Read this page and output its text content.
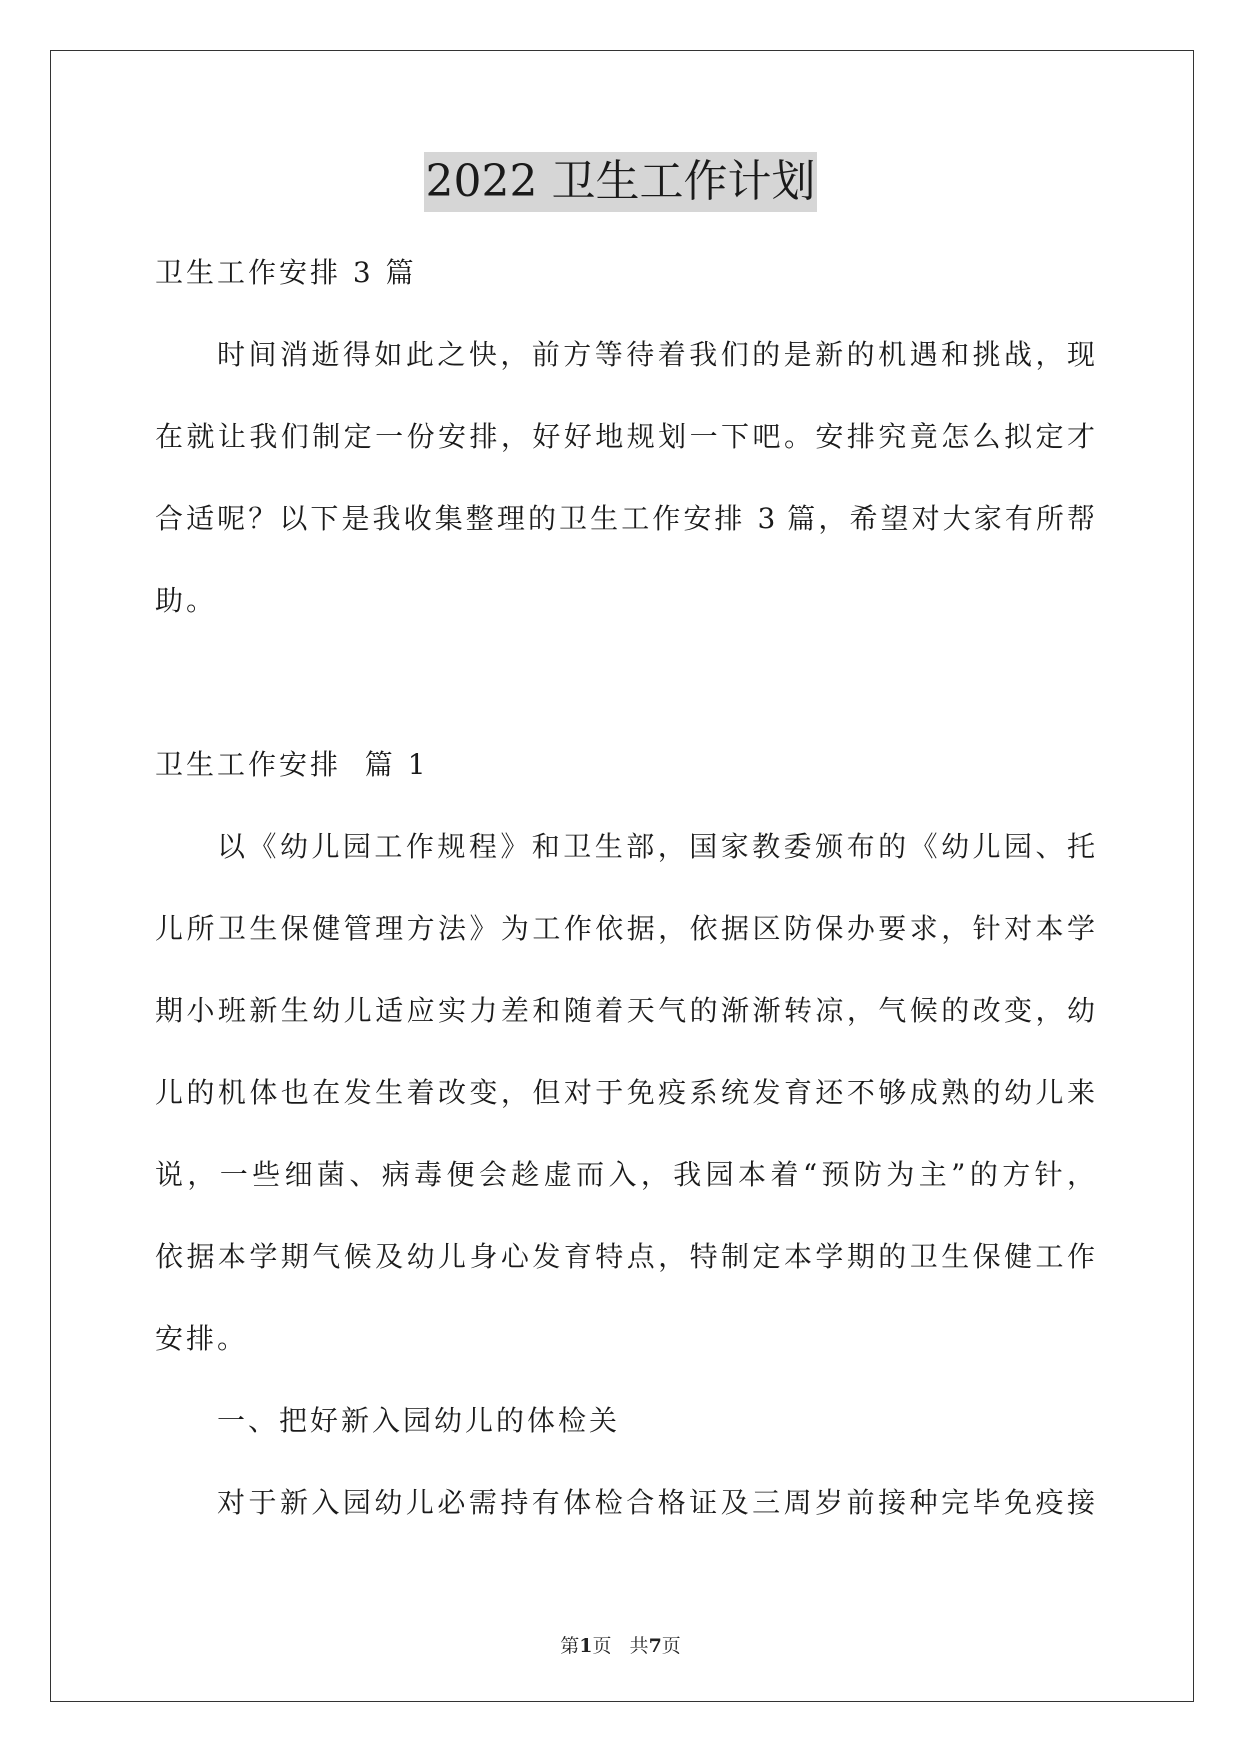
2022 卫生工作计划
卫生工作安排 3 篇
时间消逝得如此之快，前方等待着我们的是新的机遇和挑战，现
在就让我们制定一份安排，好好地规划一下吧。安排究竟怎么拟定才
合适呢？以下是我收集整理的卫生工作安排 3 篇，希望对大家有所帮
助。
卫生工作安排  篇 1
以《幼儿园工作规程》和卫生部，国家教委颁布的《幼儿园、托
儿所卫生保健管理方法》为工作依据，依据区防保办要求，针对本学
期小班新生幼儿适应实力差和随着天气的渐渐转凉，气候的改变，幼
儿的机体也在发生着改变，但对于免疫系统发育还不够成熟的幼儿来
说，一些细菌、病毒便会趁虚而入，我园本着“预防为主”的方针，
依据本学期气候及幼儿身心发育特点，特制定本学期的卫生保健工作
安排。
一、把好新入园幼儿的体检关
对于新入园幼儿必需持有体检合格证及三周岁前接种完毕免疫接
第1页   共7页
